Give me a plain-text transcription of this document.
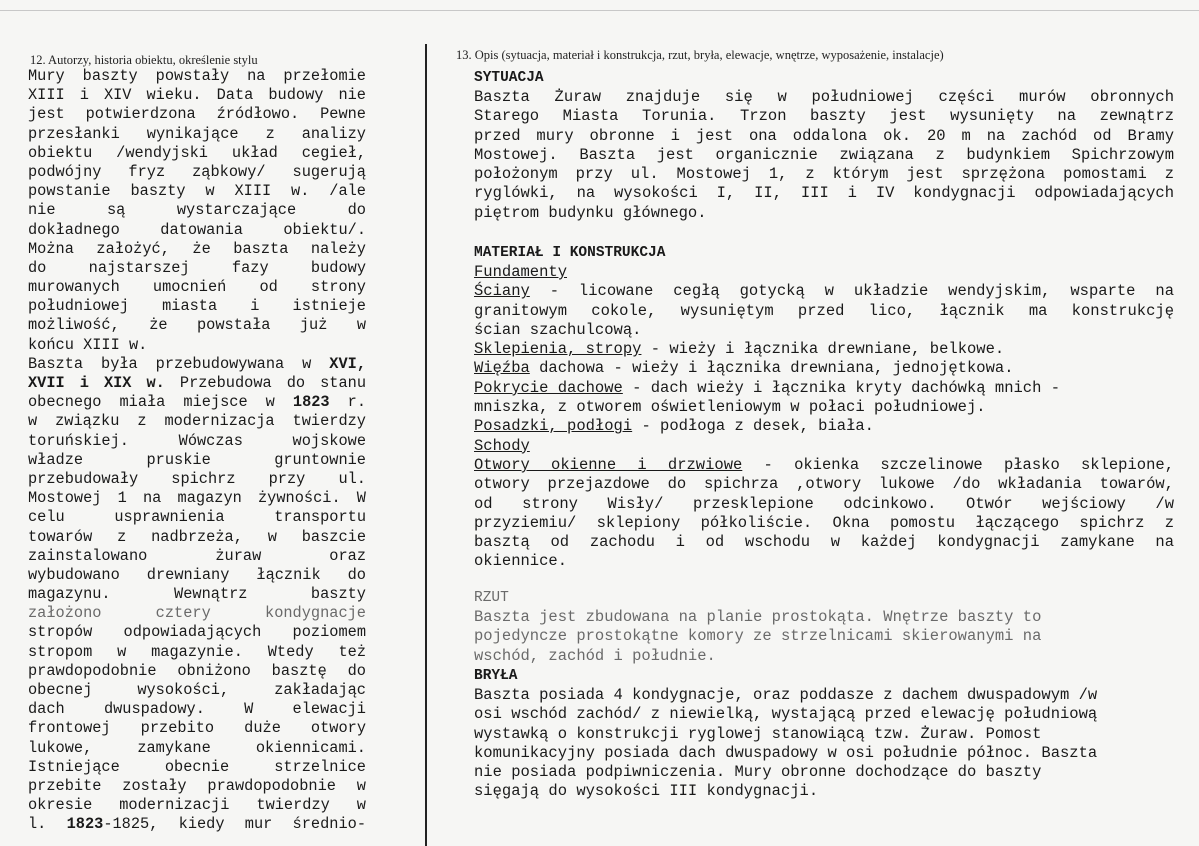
12. Autorzy, historia obiektu, określenie stylu	13. Opis (sytuacja, materiał i konstrukcja, rzut, bryła, elewacje, wnętrze, wyposażenie, instalacje)
Mury baszty powstały na przełomie
XIII i XIV wieku. Data budowy nie
jest potwierdzona źródłowo. Pewne
przesłanki wynikające z analizy
obiektu /wendyjski układ cegieł,
podwójny fryz ząbkowy/ sugerują
powstanie baszty w XIII w. /ale
nie są wystarczające do
dokładnego datowania obiektu/.
Można założyć, że baszta należy
do najstarszej fazy budowy
murowanych umocnień od strony
południowej miasta i istnieje
możliwość, że powstała już w
końcu XIII w.
Baszta była przebudowywana w XVI,
XVII i XIX w. Przebudowa do stanu
obecnego miała miejsce w 1823 r.
w związku z modernizacja twierdzy
toruńskiej. Wówczas wojskowe
władze pruskie gruntownie
przebudowały spichrz przy ul.
Mostowej 1 na magazyn żywności. W
celu usprawnienia transportu
towarów z nadbrzeża, w baszcie
zainstalowano żuraw oraz
wybudowano drewniany łącznik do
magazynu. Wewnątrz baszty
założono cztery kondygnacje
stropów odpowiadających poziomem
stropom w magazynie. Wtedy też
prawdopodobnie obniżono basztę do
obecnej wysokości, zakładając
dach dwuspadowy. W elewacji
frontowej przebito duże otwory
lukowe, zamykane okiennicami.
Istniejące obecnie strzelnice
przebite zostały prawdopodobnie w
okresie modernizacji twierdzy w
l. 1823-1825, kiedy mur średnio-
SYTUACJA
Baszta Żuraw znajduje się w południowej części murów obronnych
Starego Miasta Torunia. Trzon baszty jest wysunięty na zewnątrz
przed mury obronne i jest ona oddalona ok. 20 m na zachód od Bramy
Mostowej. Baszta jest organicznie związana z budynkiem Spichrzowym
położonym przy ul. Mostowej 1, z którym jest sprzężona pomostami z
ryglówki, na wysokości I, II, III i IV kondygnacji odpowiadających
piętrom budynku głównego.
MATERIAŁ I KONSTRUKCJA
Fundamenty
Ściany - licowane cegłą gotycką w układzie wendyjskim, wsparte na
granitowym cokole, wysuniętym przed lico, łącznik ma konstrukcję
ścian szachulcową.
Sklepienia, stropy - wieży i łącznika drewniane, belkowe.
Więźba dachowa - wieży i łącznika drewniana, jednojętkowa.
Pokrycie dachowe - dach wieży i łącznika kryty dachówką mnich -
mniszka, z otworem oświetleniowym w połaci południowej.
Posadzki, podłogi - podłoga z desek, biała.
Schody
Otwory okienne i drzwiowe - okienka szczelinowe płasko sklepione,
otwory przejazdowe do spichrza ,otwory lukowe /do wkładania towarów,
od strony Wisły/ przesklepione odcinkowo. Otwór wejściowy /w
przyziemiu/ sklepiony półkoliście. Okna pomostu łączącego spichrz z
basztą od zachodu i od wschodu w każdej kondygnacji zamykane na
okiennice.
RZUT
Baszta jest zbudowana na planie prostokąta. Wnętrze baszty to
pojedyncze prostokątne komory ze strzelnicami skierowanymi na
wschód, zachód i południe.
BRYŁA
Baszta posiada 4 kondygnacje, oraz poddasze z dachem dwuspadowym /w
osi wschód zachód/ z niewielką, wystającą przed elewację południową
wystawką o konstrukcji ryglowej stanowiącą tzw. Żuraw. Pomost
komunikacyjny posiada dach dwuspadowy w osi południe północ. Baszta
nie posiada podpiwniczenia. Mury obronne dochodzące do baszty
sięgają do wysokości III kondygnacji.
